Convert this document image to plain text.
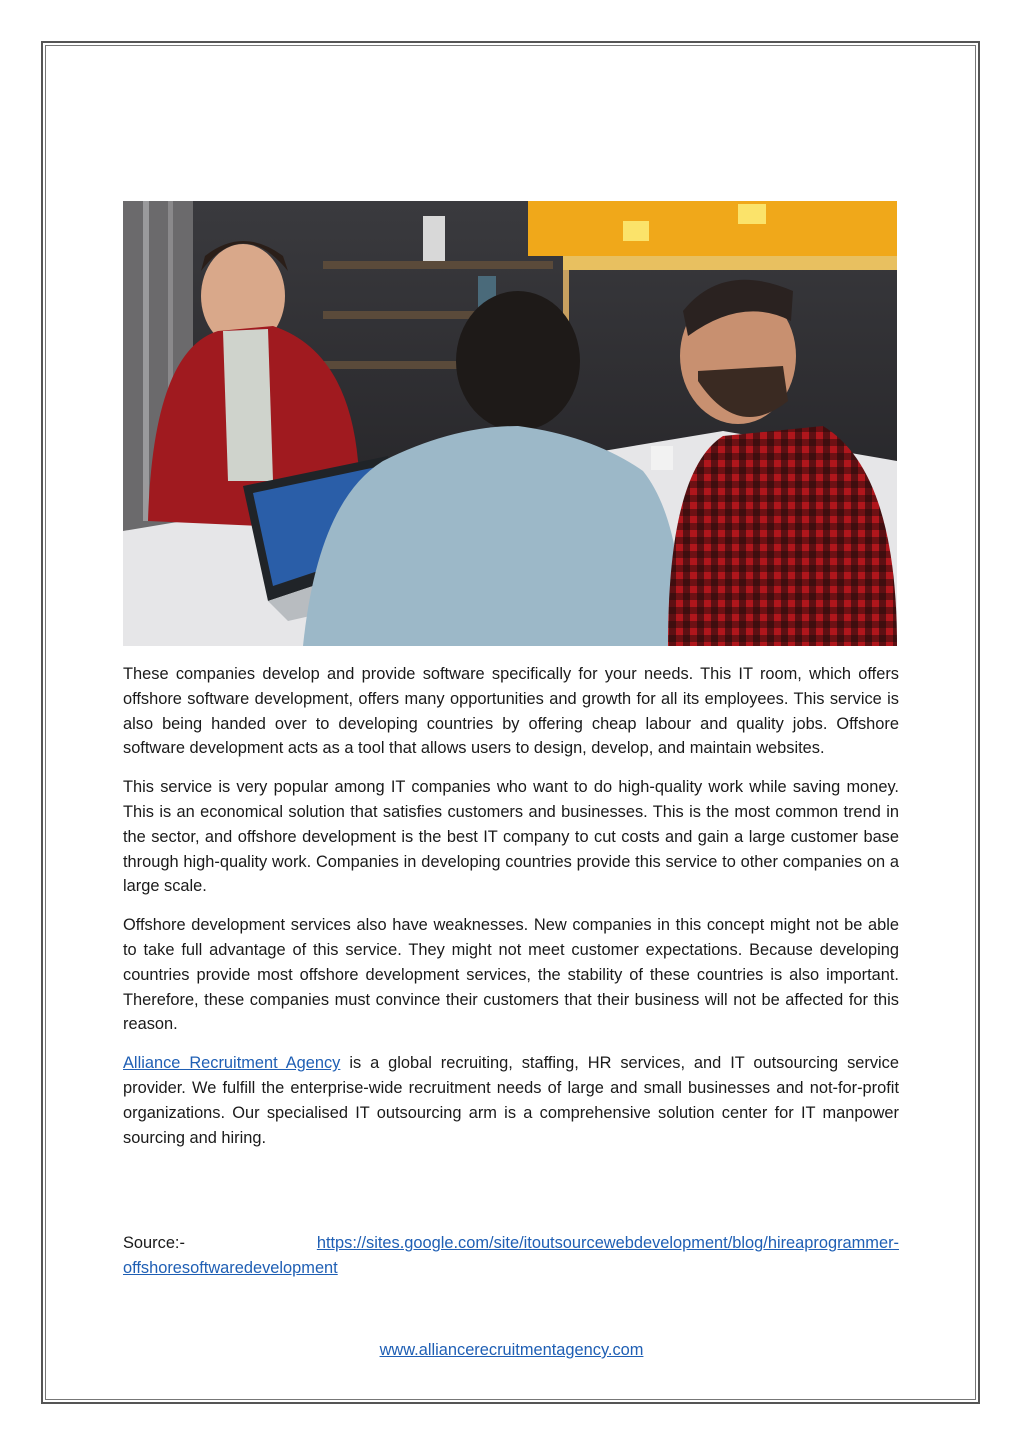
These companies develop and provide software specifically for your needs. This IT room, which offers offshore software development, offers many opportunities and growth for all its employees. This service is also being handed over to developing countries by offering cheap labour and quality jobs. Offshore software development acts as a tool that allows users to design, develop, and maintain websites.

This service is very popular among IT companies who want to do high-quality work while saving money. This is an economical solution that satisfies customers and businesses. This is the most common trend in the sector, and offshore development is the best IT company to cut costs and gain a large customer base through high-quality work. Companies in developing countries provide this service to other companies on a large scale.

Offshore development services also have weaknesses. New companies in this concept might not be able to take full advantage of this service. They might not meet customer expectations. Because developing countries provide most offshore development services, the stability of these countries is also important. Therefore, these companies must convince their customers that their business will not be affected for this reason.

Alliance Recruitment Agency is a global recruiting, staffing, HR services, and IT outsourcing service provider. We fulfill the enterprise-wide recruitment needs of large and small businesses and not-for-profit organizations. Our specialised IT outsourcing arm is a comprehensive solution center for IT manpower sourcing and hiring.

Source:-	https://sites.google.com/site/itoutsourcewebdevelopment/blog/hireaprogrammer-
offshoresoftwaredevelopment
www.alliancerecruitmentagency.com
